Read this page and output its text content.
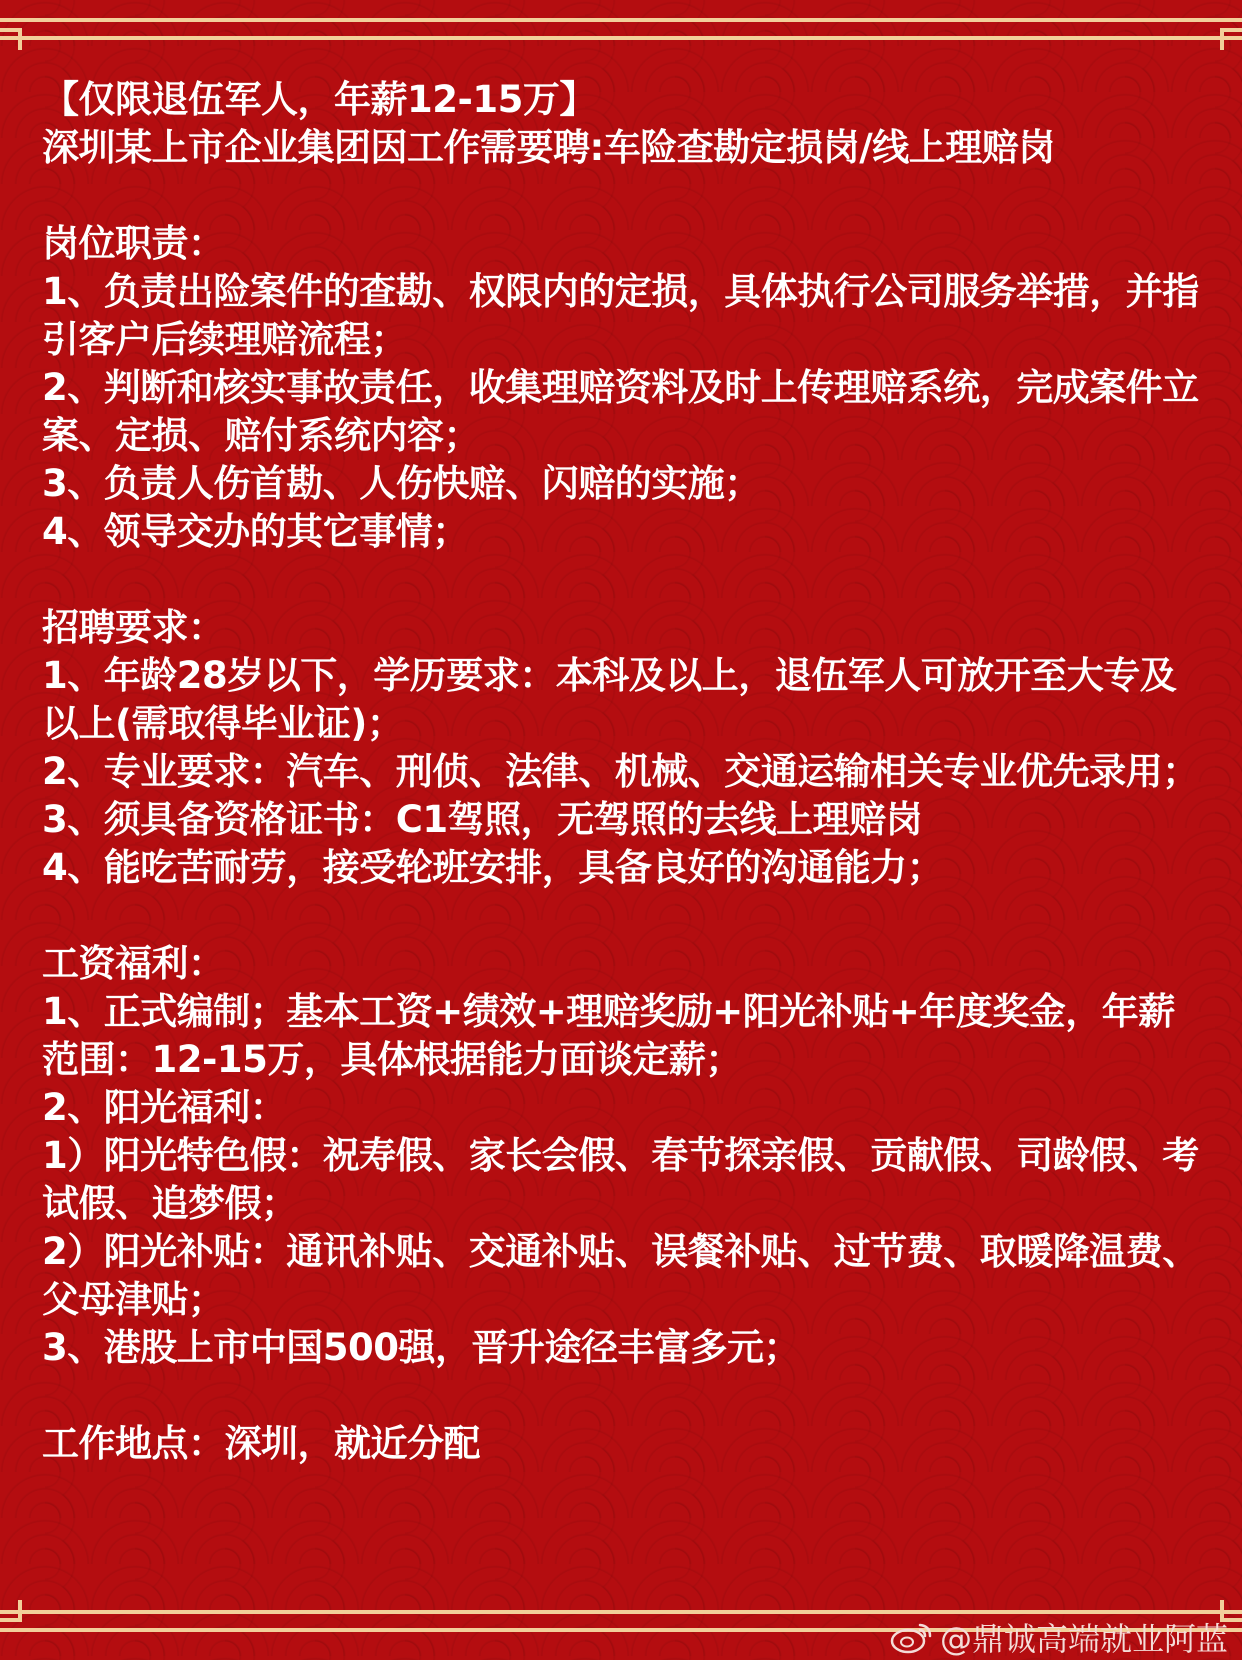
【仅限退伍军人，年薪12-15万】
深圳某上市企业集团因工作需要聘:车险查勘定损岗/线上理赔岗
岗位职责：
1、负责出险案件的查勘、权限内的定损，具体执行公司服务举措，并指引客户后续理赔流程；
2、判断和核实事故责任，收集理赔资料及时上传理赔系统，完成案件立案、定损、赔付系统内容；
3、负责人伤首勘、人伤快赔、闪赔的实施；
4、领导交办的其它事情；
招聘要求：
1、年龄28岁以下，学历要求：本科及以上，退伍军人可放开至大专及以上(需取得毕业证)；
2、专业要求：汽车、刑侦、法律、机械、交通运输相关专业优先录用；
3、须具备资格证书：C1驾照，无驾照的去线上理赔岗
4、能吃苦耐劳，接受轮班安排，具备良好的沟通能力；
工资福利：
1、正式编制；基本工资+绩效+理赔奖励+阳光补贴+年度奖金，年薪范围：12-15万，具体根据能力面谈定薪；
2、阳光福利：
1）阳光特色假：祝寿假、家长会假、春节探亲假、贡献假、司龄假、考试假、追梦假；
2）阳光补贴：通讯补贴、交通补贴、误餐补贴、过节费、取暖降温费、父母津贴；
3、港股上市中国500强，晋升途径丰富多元；
工作地点：深圳，就近分配
@鼎诚高端就业阿蓝
